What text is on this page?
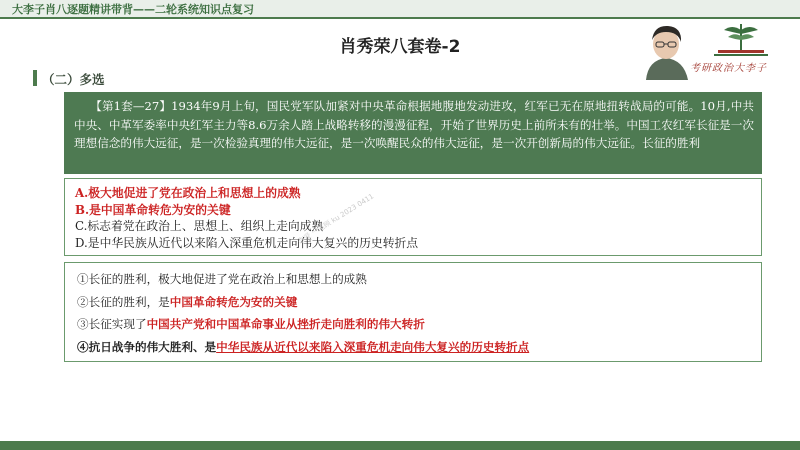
大李子肖八逐题精讲带背——二轮系统知识点复习
肖秀荣八套卷-2
（二）多选
考研政治大李子
【第1套—27】1934年9月上旬，国民党军队加紧对中央革命根据地腹地发动进攻，红军已无在原地扭转战局的可能。10月,中共中央、中革军委率中央红军主力等8.6万余人踏上战略转移的漫漫征程，开始了世界历史上前所未有的壮举。中国工农红军长征是一次理想信念的伟大远征，是一次检验真理的伟大远征，是一次唤醒民众的伟大远征，是一次开创新局的伟大远征。长征的胜利
A.极大地促进了党在政治上和思想上的成熟
B.是中国革命转危为安的关键
C.标志着党在政治上、思想上、组织上走向成熟
D.是中华民族从近代以来陷入深重危机走向伟大复兴的历史转折点
①长征的胜利，极大地促进了党在政治上和思想上的成熟
②长征的胜利，是中国革命转危为安的关键
③长征实现了中国共产党和中国革命事业从挫折走向胜利的伟大转折
④抗日战争的伟大胜利、是中华民族从近代以来陷入深重危机走向伟大复兴的历史转折点
李爱 一笔顾 ku 2023 0411
